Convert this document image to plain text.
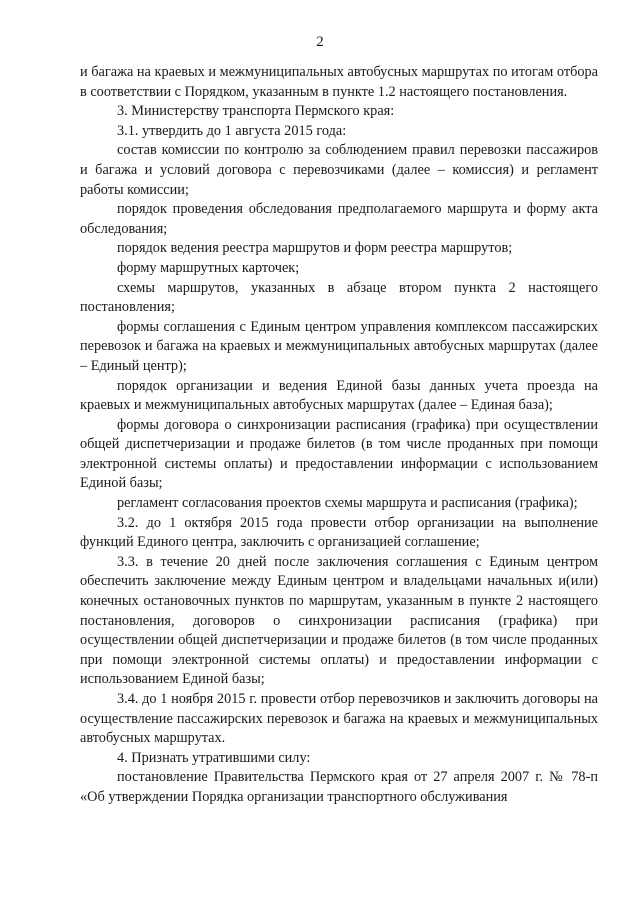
2

и багажа на краевых и межмуниципальных автобусных маршрутах по итогам отбора в соответствии с Порядком, указанным в пункте 1.2 настоящего постановления.

3. Министерству транспорта Пермского края:

3.1. утвердить до 1 августа 2015 года:

состав комиссии по контролю за соблюдением правил перевозки пассажиров и багажа и условий договора с перевозчиками (далее – комиссия) и регламент работы комиссии;

порядок проведения обследования предполагаемого маршрута и форму акта обследования;

порядок ведения реестра маршрутов и форм реестра маршрутов;

форму маршрутных карточек;

схемы маршрутов, указанных в абзаце втором пункта 2 настоящего постановления;

формы соглашения с Единым центром управления комплексом пассажирских перевозок и багажа на краевых и межмуниципальных автобусных маршрутах (далее – Единый центр);

порядок организации и ведения Единой базы данных учета проезда на краевых и межмуниципальных автобусных маршрутах (далее – Единая база);

формы договора о синхронизации расписания (графика) при осуществлении общей диспетчеризации и продаже билетов (в том числе проданных при помощи электронной системы оплаты) и предоставлении информации с использованием Единой базы;

регламент согласования проектов схемы маршрута и расписания (графика);

3.2. до 1 октября 2015 года провести отбор организации на выполнение функций Единого центра, заключить с организацией соглашение;

3.3. в течение 20 дней после заключения соглашения с Единым центром обеспечить заключение между Единым центром и владельцами начальных и(или) конечных остановочных пунктов по маршрутам, указанным в пункте 2 настоящего постановления, договоров о синхронизации расписания (графика) при осуществлении общей диспетчеризации и продаже билетов (в том числе проданных при помощи электронной системы оплаты) и предоставлении информации с использованием Единой базы;

3.4. до 1 ноября 2015 г. провести отбор перевозчиков и заключить договоры на осуществление пассажирских перевозок и багажа на краевых и межмуниципальных автобусных маршрутах.

4. Признать утратившими силу:

постановление Правительства Пермского края от 27 апреля 2007 г. № 78-п «Об утверждении Порядка организации транспортного обслуживания
